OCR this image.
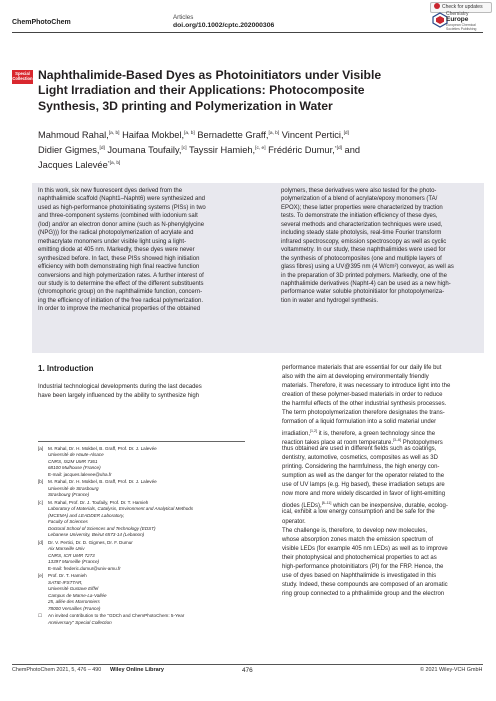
ChemPhotoChem
Articles
doi.org/10.1002/cptc.202000306
Check for updates
Chemistry
Europe
European Chemical
Societies Publishing
Special
Collection Naphthalimide-Based Dyes as Photoinitiators under Visible
Light Irradiation and their Applications: Photocomposite
Synthesis, 3D printing and Polymerization in Water
Mahmoud Rahal,[a, b] Haifaa Mokbel,[a, b] Bernadette Graff,[a, b] Vincent Pertici,[d]
Didier Gigmes,[d] Joumana Toufaily,[c] Tayssir Hamieh,[c, e] Frédéric Dumur,$^{*[d]}$ and
Jacques Lalevée$^{*[a, b]}$
In this work, six new fluorescent dyes derived from the
naphthalimide scaffold (Napht1–Napht6) were synthesized and
used as high-performance photoinitiating systems (PISs) in two
and three-component systems (combined with iodonium salt
(Iod) and/or an electron donor amine (such as N-phenylglycine
(NPG))) for the radical photopolymerization of acrylate and
methacrylate monomers under visible light using a light-
emitting diode at 405 nm. Markedly, these dyes were never
synthesized before. In fact, these PISs showed high initiation
efficiency with both demonstrating high final reactive function
conversions and high polymerization rates. A further interest of
our study is to determine the effect of the different substituents
(chromophoric group) on the naphthalimide function, concern-
ing the efficiency of initiation of the free radical polymerization.
In order to improve the mechanical properties of the obtained
polymers, these derivatives were also tested for the photo-
polymerization of a blend of acrylate/epoxy monomers (TA/
EPOX); these latter properties were characterized by traction
tests. To demonstrate the initiation efficiency of these dyes,
several methods and characterization techniques were used,
including steady state photolysis, real-time Fourier transform
infrared spectroscopy, emission spectroscopy as well as cyclic
voltammetry. In our study, these naphthalimides were used for
the synthesis of photocomposites (one and multiple layers of
glass fibres) using a UV@395 nm (4 W/cm²) conveyor, as well as
in the preparation of 3D printed polymers. Markedly, one of the
naphthalimide derivatives (Napht-4) can be used as a new high-
performance water soluble photoinitiator for photopolymeriza-
tion in water and hydrogel synthesis.
1. Introduction
Industrial technological developments during the last decades
have been largely influenced by the ability to synthesize high
[a] M. Rahal, Dr. H. Mokbel, B. Graff, Prof. Dr. J. Lalevée
Université de Haute-Alsace
CNRS, IS2M UMR 7361
68100 Mulhouse (France)
E-mail: jacques.lalevee@uha.fr
[b] M. Rahal, Dr. H. Mokbel, B. Graff, Prof. Dr. J. Lalevée
Université de Strasbourg
Strasbourg (France)
[c] M. Rahal, Prof. Dr. J. Toufaily, Prof. Dr. T. Hamieh
Laboratory of Materials, Catalysis, Environment and Analytical Methods
(MCEMA) and LEADDER Laboratory,
Faculty of Sciences
Doctoral School of Sciences and Technology (EDST)
Lebanese University, Beirut 6573-14 (Lebanon)
[d] Dr. V. Pertici, Dr. D. Gigmes, Dr. F. Dumur
Aix Marseille Univ
CNRS, ICR UMR 7273
13397 Marseille (France)
E-mail: frederic.dumur@univ-amu.fr
[e] Prof. Dr. T. Hamieh
SATIE-IFSTTAR,
Université Gustave Eiffel
Campus de Marne-La-Vallée
25, allée des Marronniers
78000 Versailles (France)
☐ An invited contribution to the "GDCh and ChemPhotoChem: 5-Year
Anniversary" Special Collection
performance materials that are essential for our daily life but
also with the aim at developing environmentally friendly
materials. Therefore, it was necessary to introduce light into the
creation of these polymer-based materials in order to reduce
the harmful effects of the other industrial synthesis processes.
The term photopolymerization therefore designates the trans-
formation of a liquid formulation into a solid material under
irradiation,[1,2] it is, therefore, a green technology since the
reaction takes place at room temperature.[3–6] Photopolymers
thus obtained are used in different fields such as coatings,
dentistry, automotive, cosmetics, composites as well as 3D
printing. Considering the harmfulness, the high energy con-
sumption as well as the danger for the operator related to the
use of UV lamps (e.g. Hg based), these irradiation setups are
now more and more widely discarded in favor of light-emitting
diodes (LEDs),[8–11] which can be inexpensive, durable, ecolog-
ical, exhibit a low energy consumption and be safe for the
operator.
The challenge is, therefore, to develop new molecules,
whose absorption zones match the emission spectrum of
visible LEDs (for example 405 nm LEDs) as well as to improve
their photophysical and photochemical properties to act as
high-performance photoinitiators (PI) for the FRP. Hence, the
use of dyes based on Naphthalimide is investigated in this
study. Indeed, these compounds are composed of an aromatic
ring group connected to a phthalimide group and the electron
ChemPhotoChem 2021, 5, 476 – 490 Wiley Online Library	476	© 2021 Wiley-VCH GmbH
